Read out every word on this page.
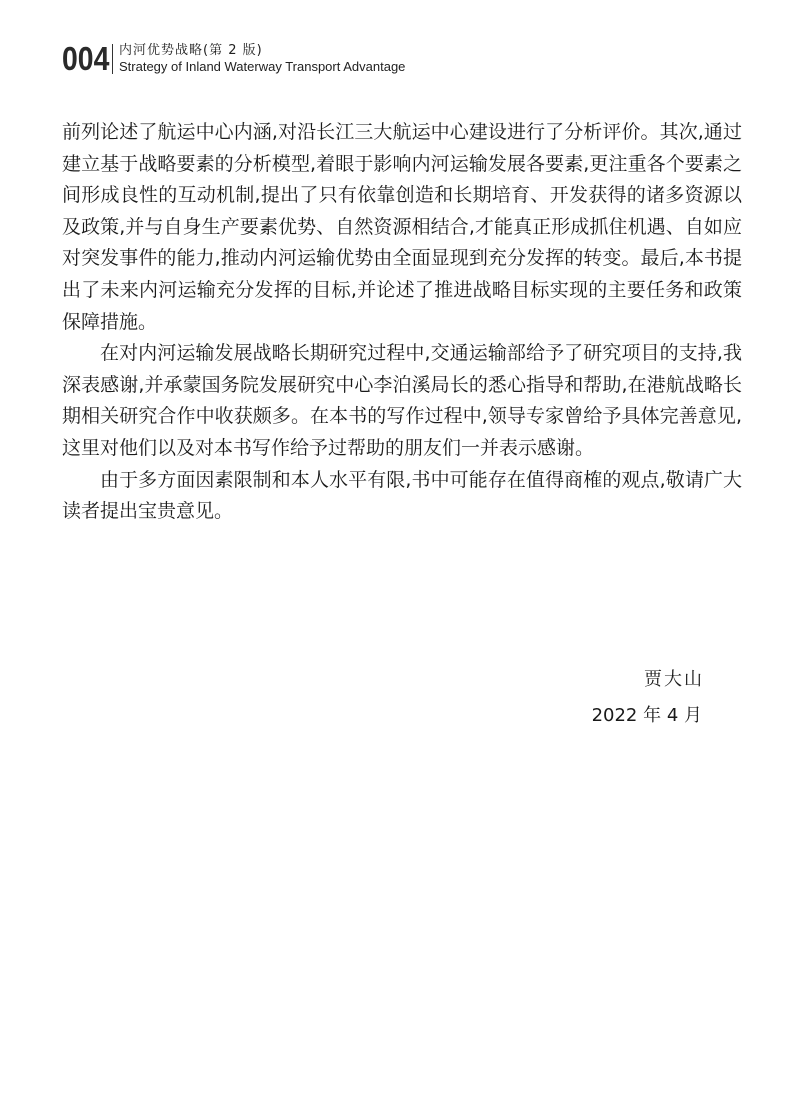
004 内河优势战略(第 2 版)
Strategy of Inland Waterway Transport Advantage

前列论述了航运中心内涵,对沿长江三大航运中心建设进行了分析评价。其次,通过建立基于战略要素的分析模型,着眼于影响内河运输发展各要素,更注重各个要素之间形成良性的互动机制,提出了只有依靠创造和长期培育、开发获得的诸多资源以及政策,并与自身生产要素优势、自然资源相结合,才能真正形成抓住机遇、自如应对突发事件的能力,推动内河运输优势由全面显现到充分发挥的转变。最后,本书提出了未来内河运输充分发挥的目标,并论述了推进战略目标实现的主要任务和政策保障措施。

在对内河运输发展战略长期研究过程中,交通运输部给予了研究项目的支持,我深表感谢,并承蒙国务院发展研究中心李泊溪局长的悉心指导和帮助,在港航战略长期相关研究合作中收获颇多。在本书的写作过程中,领导专家曾给予具体完善意见,这里对他们以及对本书写作给予过帮助的朋友们一并表示感谢。

由于多方面因素限制和本人水平有限,书中可能存在值得商榷的观点,敬请广大读者提出宝贵意见。

贾大山
2022 年 4 月
